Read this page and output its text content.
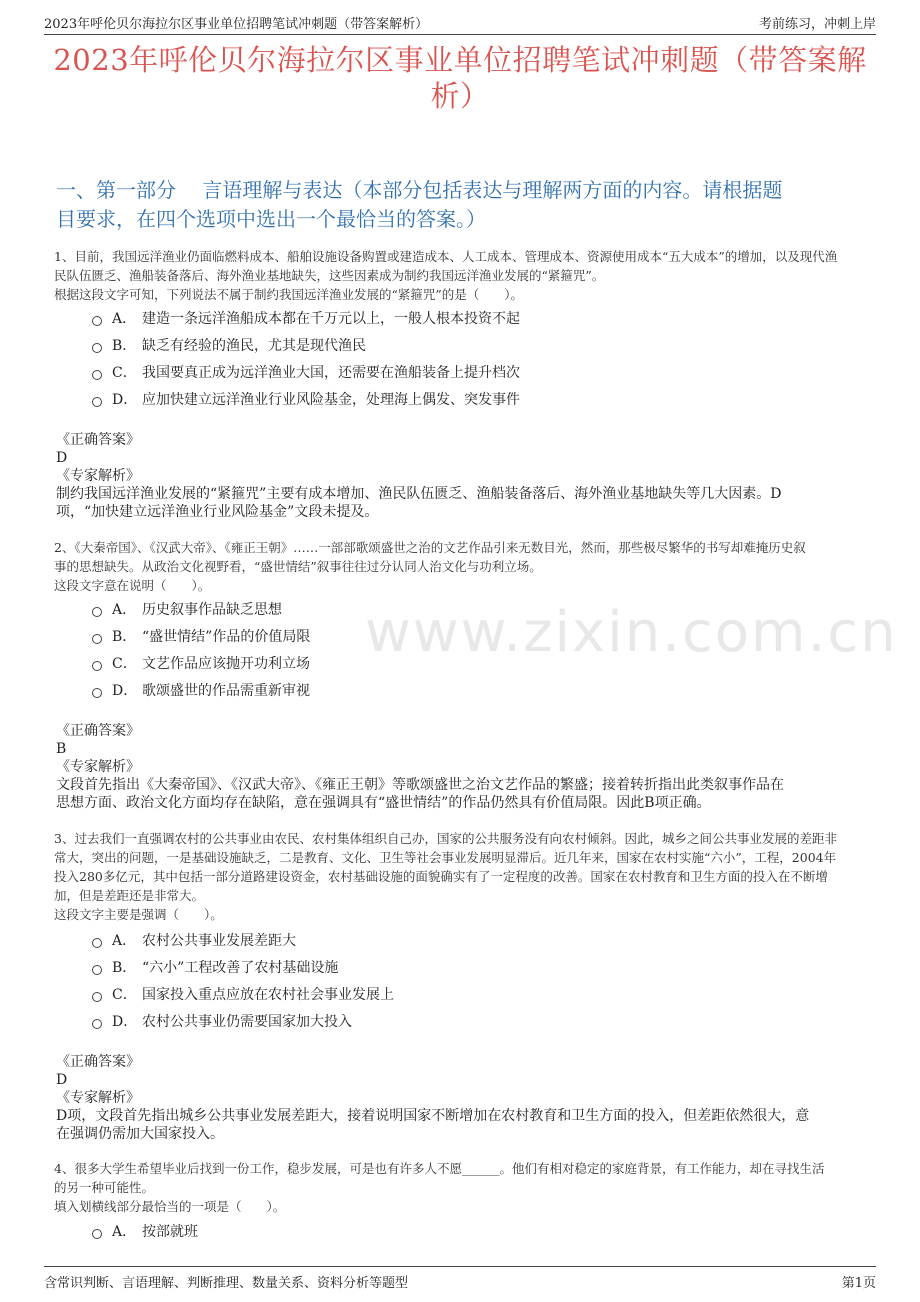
2023年呼伦贝尔海拉尔区事业单位招聘笔试冲刺题（带答案解析）	考前练习，冲刺上岸
2023年呼伦贝尔海拉尔区事业单位招聘笔试冲刺题（带答案解
析）
一、第一部分　 言语理解与表达（本部分包括表达与理解两方面的内容。请根据题
目要求，在四个选项中选出一个最恰当的答案。）
www.zixin.com.cn

1、目前，我国远洋渔业仍面临燃料成本、船舶设施设备购置或建造成本、人工成本、管理成本、资源使用成本“五大成本”的增加，以及现代渔

民队伍匮乏、渔船装备落后、海外渔业基地缺失，这些因素成为制约我国远洋渔业发展的“紧箍咒”。

根据这段文字可知，下列说法不属于制约我国远洋渔业发展的“紧箍咒”的是（　　）。

A． 建造一条远洋渔船成本都在千万元以上，一般人根本投资不起
B． 缺乏有经验的渔民，尤其是现代渔民
C． 我国要真正成为远洋渔业大国，还需要在渔船装备上提升档次
D． 应加快建立远洋渔业行业风险基金，处理海上偶发、突发事件

《正确答案》

D

《专家解析》

制约我国远洋渔业发展的“紧箍咒”主要有成本增加、渔民队伍匮乏、渔船装备落后、海外渔业基地缺失等几大因素。D

项，“加快建立远洋渔业行业风险基金”文段未提及。

2、《大秦帝国》、《汉武大帝》、《雍正王朝》……一部部歌颂盛世之治的文艺作品引来无数目光，然而，那些极尽繁华的书写却难掩历史叙

事的思想缺失。从政治文化视野看，“盛世情结”叙事往往过分认同人治文化与功利立场。

这段文字意在说明（　　）。

A． 历史叙事作品缺乏思想
B． “盛世情结”作品的价值局限
C． 文艺作品应该抛开功利立场
D． 歌颂盛世的作品需重新审视

《正确答案》

B

《专家解析》

文段首先指出《大秦帝国》、《汉武大帝》、《雍正王朝》等歌颂盛世之治文艺作品的繁盛；接着转折指出此类叙事作品在

思想方面、政治文化方面均存在缺陷，意在强调具有“盛世情结”的作品仍然具有价值局限。因此B项正确。

3、过去我们一直强调农村的公共事业由农民、农村集体组织自己办，国家的公共服务没有向农村倾斜。因此，城乡之间公共事业发展的差距非

常大，突出的问题，一是基础设施缺乏，二是教育、文化、卫生等社会事业发展明显滞后。近几年来，国家在农村实施“六小”，工程，2004年

投入280多亿元，其中包括一部分道路建设资金，农村基础设施的面貌确实有了一定程度的改善。国家在农村教育和卫生方面的投入在不断增

加，但是差距还是非常大。

这段文字主要是强调（　　）。

A． 农村公共事业发展差距大
B． “六小”工程改善了农村基础设施
C． 国家投入重点应放在农村社会事业发展上
D． 农村公共事业仍需要国家加大投入

《正确答案》

D

《专家解析》

D项，文段首先指出城乡公共事业发展差距大，接着说明国家不断增加在农村教育和卫生方面的投入，但差距依然很大，意

在强调仍需加大国家投入。

4、很多大学生希望毕业后找到一份工作，稳步发展，可是也有许多人不愿______。他们有相对稳定的家庭背景，有工作能力，却在寻找生活

的另一种可能性。

填入划横线部分最恰当的一项是（　　）。

A． 按部就班
含常识判断、言语理解、判断推理、数量关系、资料分析等题型	第1页
